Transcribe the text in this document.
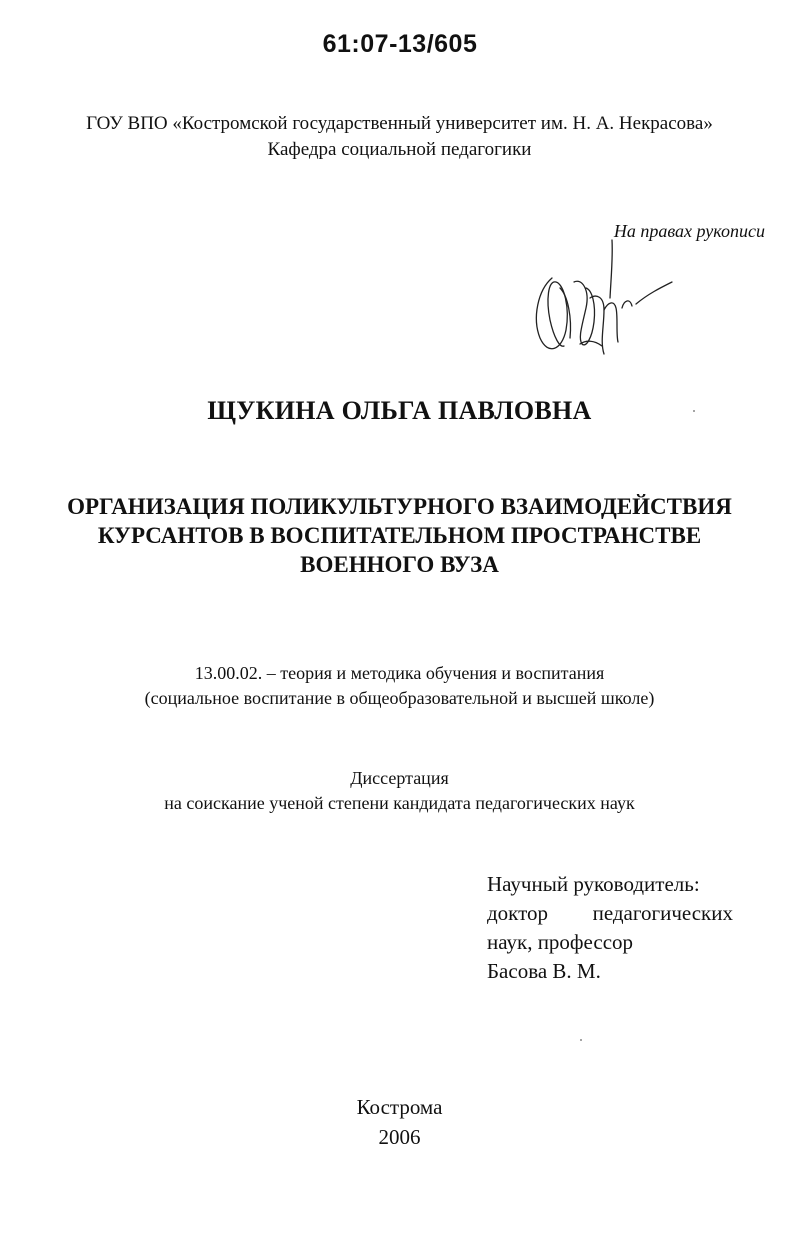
61:07-13/605
ГОУ ВПО «Костромской государственный университет им. Н. А. Некрасова»
Кафедра социальной педагогики
На правах рукописи
ЩУКИНА ОЛЬГА ПАВЛОВНА
ОРГАНИЗАЦИЯ ПОЛИКУЛЬТУРНОГО ВЗАИМОДЕЙСТВИЯ
КУРСАНТОВ В ВОСПИТАТЕЛЬНОМ ПРОСТРАНСТВЕ
ВОЕННОГО ВУЗА
13.00.02. – теория и методика обучения и воспитания
(социальное воспитание в общеобразовательной и высшей школе)
Диссертация
на соискание ученой степени кандидата педагогических наук
Научный руководитель:
доктор педагогических
наук, профессор
Басова В. М.
Кострома
2006
